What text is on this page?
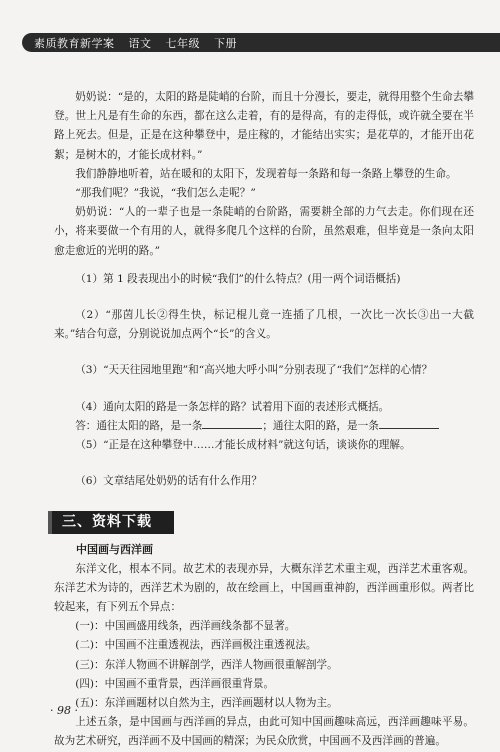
素质教育新学案 语文 七年级 下册

奶奶说：“是的，太阳的路是陡峭的台阶，而且十分漫长，要走，就得用整个生命去攀登。世上凡是有生命的东西，都在这么走着，有的是得高，有的走得低，或许就全要在半路上死去。但是，正是在这种攀登中，是庄稼的，才能结出实实；是花草的，才能开出花絮；是树木的，才能长成材料。”

我们静静地听着，站在暖和的太阳下，发现着每一条路和每一条路上攀登的生命。

“那我们呢？”我说，“我们怎么走呢？”

奶奶说：“人的一辈子也是一条陡峭的台阶路，需要耕全部的力气去走。你们现在还小，将来要做一个有用的人，就得多爬几个这样的台阶，虽然艰难，但毕竟是一条向太阳愈走愈近的光明的路。”

（1）第 1 段表现出小的时候“我们”的什么特点？(用一两个词语概括)

（2）“那茵儿长②得生快，标记棍儿竟一连插了几根，一次比一次长③出一大截来。”结合句意，分别说说加点两个“长”的含义。

（3）“天天往园地里跑”和“高兴地大呼小叫”分别表现了“我们”怎样的心情？

（4）通向太阳的路是一条怎样的路？试着用下面的表述形式概括。

答：通往太阳的路，是一条	；通往太阳的路，是一条

（5）“正是在这种攀登中……才能长成材料”就这句话，谈谈你的理解。

（6）文章结尾处奶奶的话有什么作用？

三、资料下载

中国画与西洋画

东洋文化，根本不同。故艺术的表现亦异，大概东洋艺术重主观，西洋艺术重客观。东洋艺术为诗的，西洋艺术为剧的，故在绘画上，中国画重神韵，西洋画重形似。两者比较起来，有下列五个异点：

(一)：中国画盛用线条，西洋画线条都不显著。

(二)：中国画不注重透视法，西洋画极注重透视法。

(三)：东洋人物画不讲解剖学，西洋人物画很重解剖学。

(四)：中国画不重背景，西洋画很重背景。

(五)：东洋画题材以自然为主，西洋画题材以人物为主。

上述五条，是中国画与西洋画的异点，由此可知中国画趣味高远，西洋画趣味平易。故为艺术研究，西洋画不及中国画的精深；为民众欣赏，中国画不及西洋画的普遍。

· 98 ·
